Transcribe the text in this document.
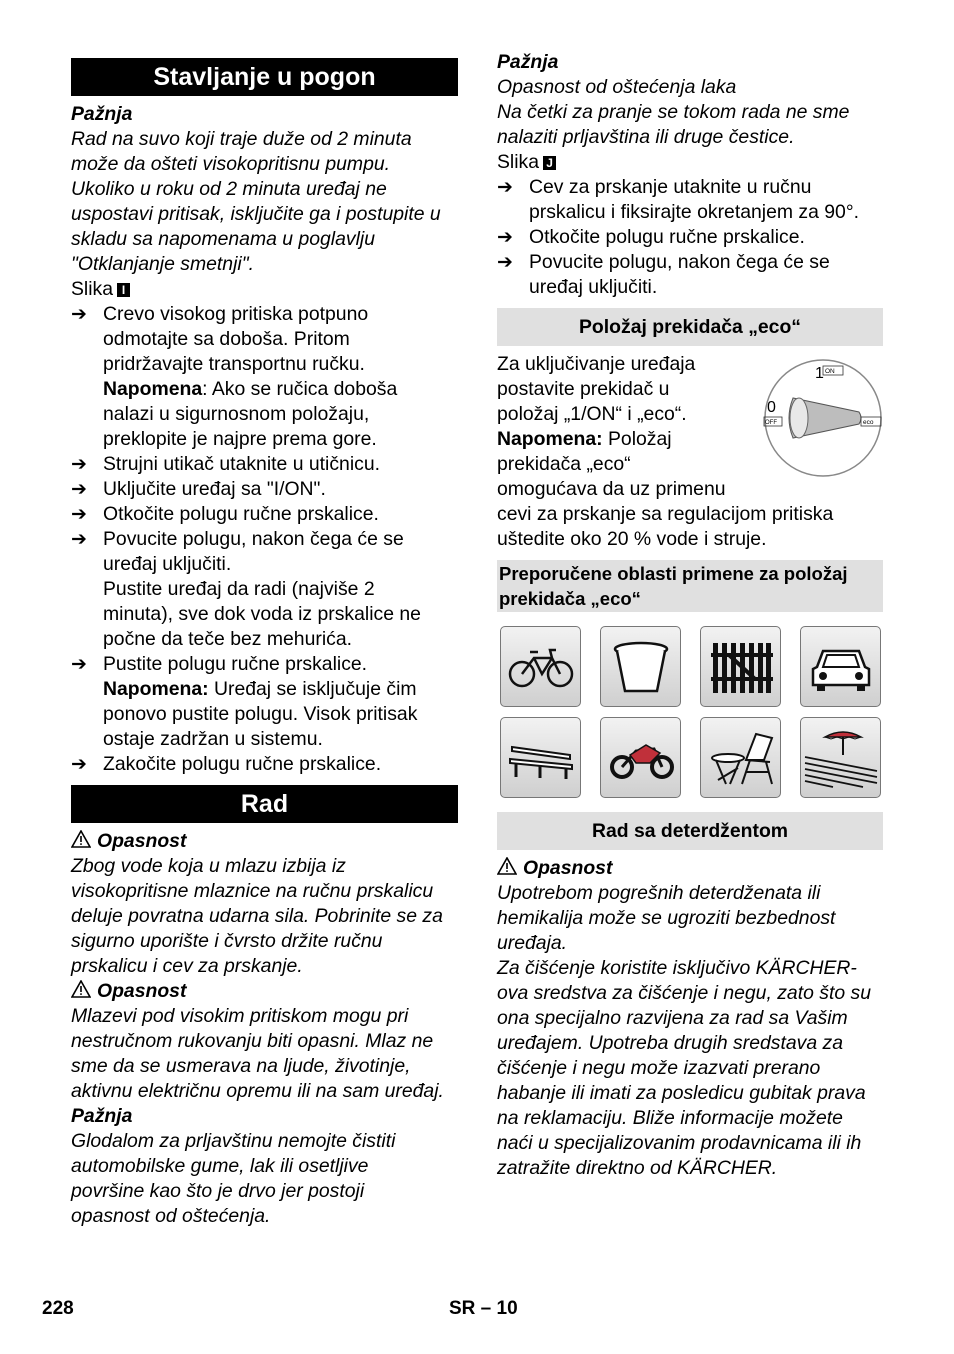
Stavljanje u pogon
Pažnja
Rad na suvo koji traje duže od 2 minuta
može da ošteti visokopritisnu pumpu.
Ukoliko u roku od 2 minuta uređaj ne
uspostavi pritisak, isključite ga i postupite u
skladu sa napomenama u poglavlju
"Otklanjanje smetnji".
Slika I
➔ Crevo visokog pritiska potpuno
odmotajte sa doboša. Pritom
pridržavajte transportnu ručku.
Napomena: Ako se ručica doboša
nalazi u sigurnosnom položaju,
preklopite je najpre prema gore.
➔ Strujni utikač utaknite u utičnicu.
➔ Uključite uređaj sa "I/ON".
➔ Otkočite polugu ručne prskalice.
➔ Povucite polugu, nakon čega će se
uređaj uključiti.
Pustite uređaj da radi (najviše 2
minuta), sve dok voda iz prskalice ne
počne da teče bez mehurića.
➔ Pustite polugu ručne prskalice.
Napomena: Uređaj se isključuje čim
ponovo pustite polugu. Visok pritisak
ostaje zadržan u sistemu.
➔ Zakočite polugu ručne prskalice.
Rad
Opasnost
Zbog vode koja u mlazu izbija iz
visokopritisne mlaznice na ručnu prskalicu
deluje povratna udarna sila. Pobrinite se za
sigurno uporište i čvrsto držite ručnu
prskalicu i cev za prskanje.
Opasnost
Mlazevi pod visokim pritiskom mogu pri
nestručnom rukovanju biti opasni. Mlaz ne
sme da se usmerava na ljude, životinje,
aktivnu električnu opremu ili na sam uređaj.
Pažnja
Glodalom za prljavštinu nemojte čistiti
automobilske gume, lak ili osetljive
površine kao što je drvo jer postoji
opasnost od oštećenja.
Pažnja
Opasnost od oštećenja laka
Na četki za pranje se tokom rada ne sme
nalaziti prljavština ili druge čestice.
Slika J
➔ Cev za prskanje utaknite u ručnu
prskalicu i fiksirajte okretanjem za 90°.
➔ Otkočite polugu ručne prskalice.
➔ Povucite polugu, nakon čega će se
uređaj uključiti.
Položaj prekidača „eco“
1 ON
0
OFF	eco
Za uključivanje uređaja
postavite prekidač u
položaj „1/ON“ i „eco“.
Napomena: Položaj
prekidača „eco“
omogućava da uz primenu
cevi za prskanje sa regulacijom pritiska
uštedite oko 20 % vode i struje.
Preporučene oblasti primene za položaj
prekidača „eco“
Rad sa deterdžentom
Opasnost
Upotrebom pogrešnih deterdženata ili
hemikalija može se ugroziti bezbednost
uređaja.
Za čišćenje koristite isključivo KÄRCHER-
ova sredstva za čišćenje i negu, zato što su
ona specijalno razvijena za rad sa Vašim
uređajem. Upotreba drugih sredstava za
čišćenje i negu može izazvati prerano
habanje ili imati za posledicu gubitak prava
na reklamaciju. Bliže informacije možete
naći u specijalizovanim prodavnicama ili ih
zatražite direktno od KÄRCHER.
228	SR – 10
